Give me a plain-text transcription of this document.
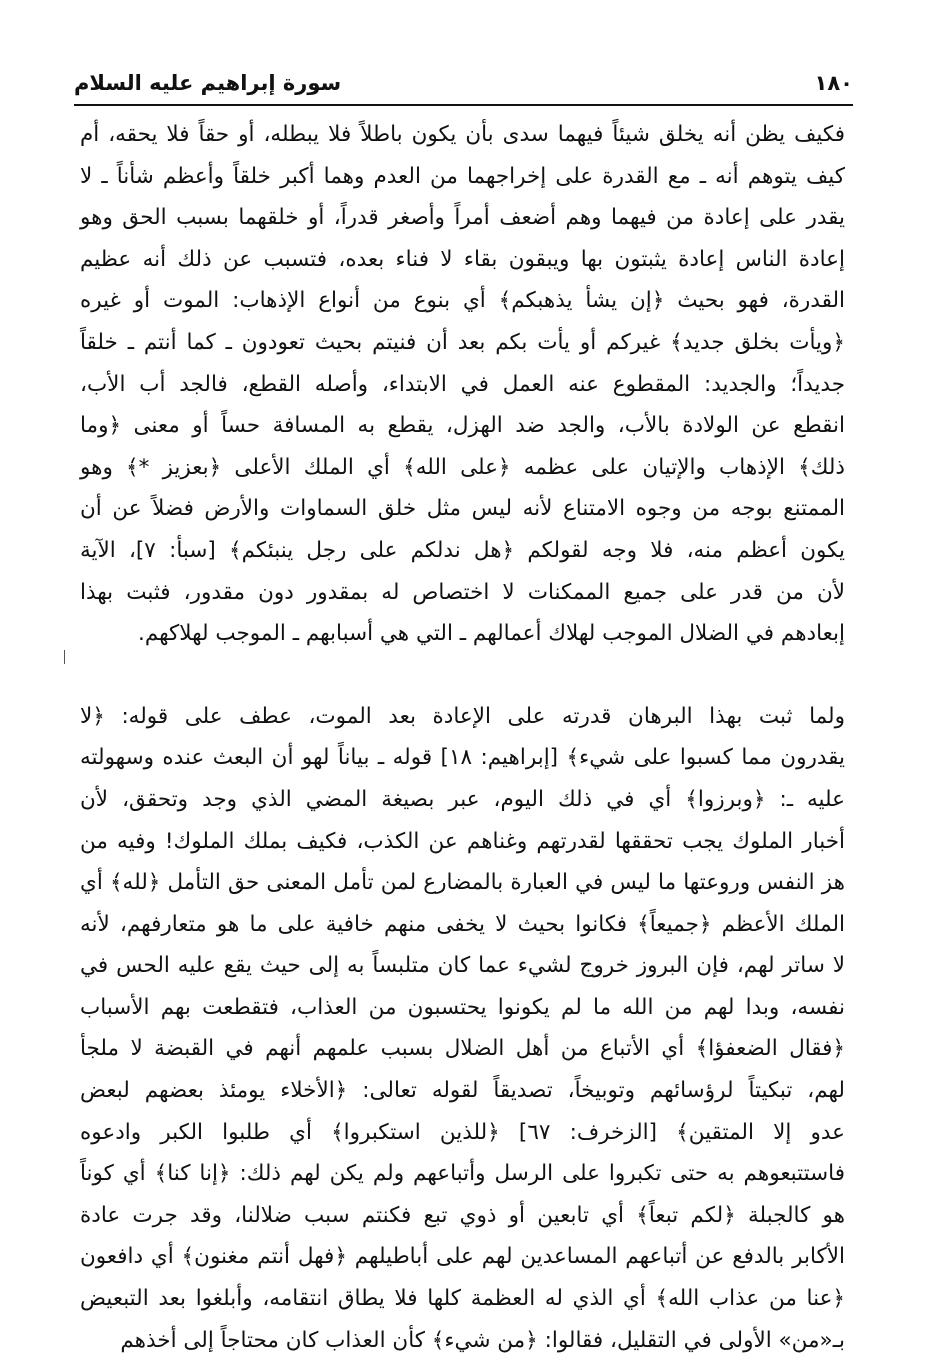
١٨٠
سورة إبراهيم عليه السلام
فكيف يظن أنه يخلق شيئاً فيهما سدى بأن يكون باطلاً فلا يبطله، أو حقاً فلا يحقه، أم
كيف يتوهم أنه ـ مع القدرة على إخراجهما من العدم وهما أكبر خلقاً وأعظم شأناً ـ لا
يقدر على إعادة من فيهما وهم أضعف أمراً وأصغر قدراً، أو خلقهما بسبب الحق وهو
إعادة الناس إعادة يثبتون بها ويبقون بقاء لا فناء بعده، فتسبب عن ذلك أنه عظيم
القدرة، فهو بحيث ﴿إن يشأ يذهبكم﴾ أي بنوع من أنواع الإذهاب: الموت أو غيره
﴿ويأت بخلق جديد﴾ غيركم أو يأت بكم بعد أن فنيتم بحيث تعودون ـ كما أنتم ـ خلقاً
جديداً؛ والجديد: المقطوع عنه العمل في الابتداء، وأصله القطع، فالجد أب الأب،
انقطع عن الولادة بالأب، والجد ضد الهزل، يقطع به المسافة حساً أو معنى ﴿وما
ذلك﴾ الإذهاب والإتيان على عظمه ﴿على الله﴾ أي الملك الأعلى ﴿بعزيز *﴾ وهو
الممتنع بوجه من وجوه الامتناع لأنه ليس مثل خلق السماوات والأرض فضلاً عن أن
يكون أعظم منه، فلا وجه لقولكم ﴿هل ندلكم على رجل ينبئكم﴾ [سبأ: ٧]، الآية
لأن من قدر على جميع الممكنات لا اختصاص له بمقدور دون مقدور، فثبت بهذا
إبعادهم في الضلال الموجب لهلاك أعمالهم ـ التي هي أسبابهم ـ الموجب لهلاكهم.
ولما ثبت بهذا البرهان قدرته على الإعادة بعد الموت، عطف على قوله: ﴿لا
يقدرون مما كسبوا على شيء﴾ [إبراهيم: ١٨] قوله ـ بياناً لهو أن البعث عنده وسهولته
عليه ـ: ﴿وبرزوا﴾ أي في ذلك اليوم، عبر بصيغة المضي الذي وجد وتحقق، لأن
أخبار الملوك يجب تحققها لقدرتهم وغناهم عن الكذب، فكيف بملك الملوك! وفيه من
هز النفس وروعتها ما ليس في العبارة بالمضارع لمن تأمل المعنى حق التأمل ﴿لله﴾ أي
الملك الأعظم ﴿جميعاً﴾ فكانوا بحيث لا يخفى منهم خافية على ما هو متعارفهم، لأنه
لا ساتر لهم، فإن البروز خروج لشيء عما كان متلبساً به إلى حيث يقع عليه الحس في
نفسه، وبدا لهم من الله ما لم يكونوا يحتسبون من العذاب، فتقطعت بهم الأسباب
﴿فقال الضعفؤا﴾ أي الأتباع من أهل الضلال بسبب علمهم أنهم في القبضة لا ملجأ
لهم، تبكيتاً لرؤسائهم وتوبيخاً، تصديقاً لقوله تعالى: ﴿الأخلاء يومئذ بعضهم لبعض
عدو إلا المتقين﴾ [الزخرف: ٦٧] ﴿للذين استكبروا﴾ أي طلبوا الكبر وادعوه
فاستتبعوهم به حتى تكبروا على الرسل وأتباعهم ولم يكن لهم ذلك: ﴿إنا كنا﴾ أي كوناً
هو كالجبلة ﴿لكم تبعاً﴾ أي تابعين أو ذوي تبع فكنتم سبب ضلالنا، وقد جرت عادة
الأكابر بالدفع عن أتباعهم المساعدين لهم على أباطيلهم ﴿فهل أنتم مغنون﴾ أي دافعون
﴿عنا من عذاب الله﴾ أي الذي له العظمة كلها فلا يطاق انتقامه، وأبلغوا بعد التبعيض
بـ«من» الأولى في التقليل، فقالوا: ﴿من شيء﴾ كأن العذاب كان محتاجاً إلى أخذهم
